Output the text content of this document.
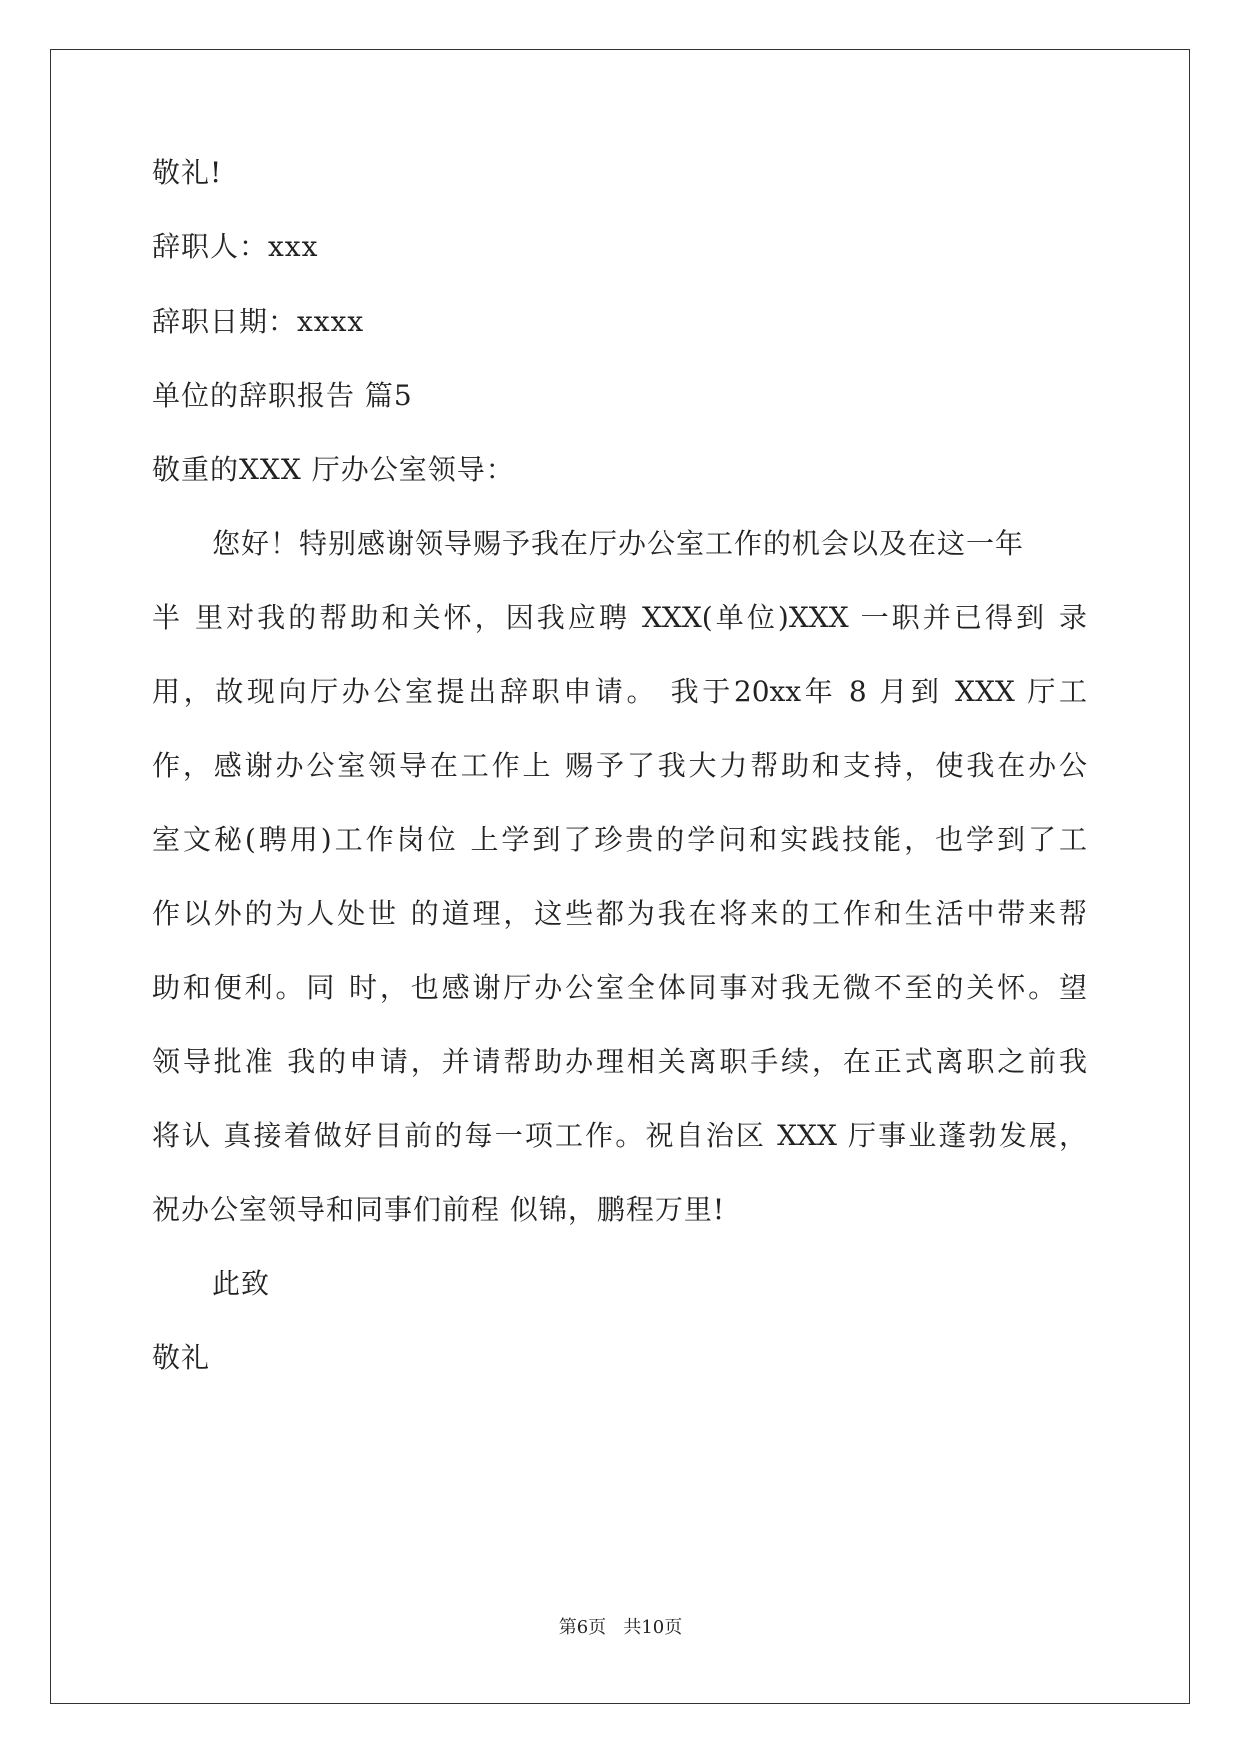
敬礼!
辞职人：xxx
辞职日期：xxxx
单位的辞职报告 篇5
敬重的XXX 厅办公室领导：
您好！特别感谢领导赐予我在厅办公室工作的机会以及在这一年
半 里对我的帮助和关怀，因我应聘 XXX(单位)XXX 一职并已得到 录
用，故现向厅办公室提出辞职申请。 我于20xx年 8 月到 XXX 厅工
作，感谢办公室领导在工作上 赐予了我大力帮助和支持，使我在办公
室文秘(聘用)工作岗位 上学到了珍贵的学问和实践技能，也学到了工
作以外的为人处世 的道理，这些都为我在将来的工作和生活中带来帮
助和便利。同 时，也感谢厅办公室全体同事对我无微不至的关怀。望
领导批准 我的申请，并请帮助办理相关离职手续，在正式离职之前我
将认 真接着做好目前的每一项工作。祝自治区 XXX 厅事业蓬勃发展，
祝办公室领导和同事们前程 似锦，鹏程万里!
此致
敬礼
第6页 共10页
